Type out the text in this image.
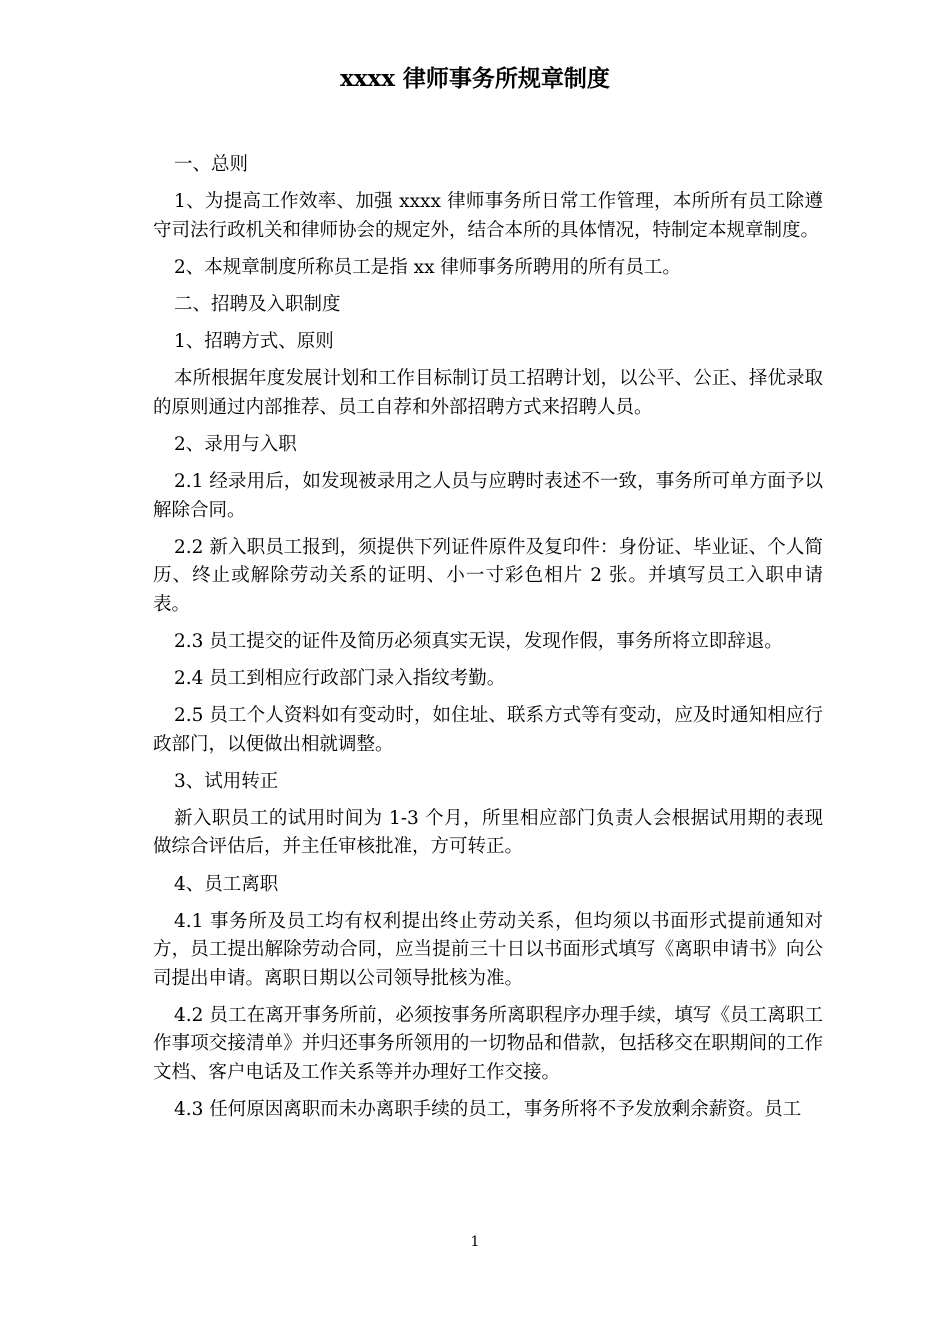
xxxx 律师事务所规章制度

一、总则

1、为提高工作效率、加强 xxxx 律师事务所日常工作管理，本所所有员工除遵守司法行政机关和律师协会的规定外，结合本所的具体情况，特制定本规章制度。

2、本规章制度所称员工是指 xx 律师事务所聘用的所有员工。

二、招聘及入职制度

1、招聘方式、原则

本所根据年度发展计划和工作目标制订员工招聘计划，以公平、公正、择优录取的原则通过内部推荐、员工自荐和外部招聘方式来招聘人员。

2、录用与入职

2.1 经录用后，如发现被录用之人员与应聘时表述不一致，事务所可单方面予以解除合同。

2.2 新入职员工报到，须提供下列证件原件及复印件：身份证、毕业证、个人简历、终止或解除劳动关系的证明、小一寸彩色相片 2 张。并填写员工入职申请表。

2.3 员工提交的证件及简历必须真实无误，发现作假，事务所将立即辞退。

2.4 员工到相应行政部门录入指纹考勤。

2.5 员工个人资料如有变动时，如住址、联系方式等有变动，应及时通知相应行政部门，以便做出相就调整。

3、试用转正

新入职员工的试用时间为 1-3 个月，所里相应部门负责人会根据试用期的表现做综合评估后，并主任审核批准，方可转正。

4、员工离职

4.1 事务所及员工均有权利提出终止劳动关系，但均须以书面形式提前通知对方，员工提出解除劳动合同，应当提前三十日以书面形式填写《离职申请书》向公司提出申请。离职日期以公司领导批核为准。

4.2 员工在离开事务所前，必须按事务所离职程序办理手续，填写《员工离职工作事项交接清单》并归还事务所领用的一切物品和借款，包括移交在职期间的工作文档、客户电话及工作关系等并办理好工作交接。

4.3 任何原因离职而未办离职手续的员工，事务所将不予发放剩余薪资。员工

1
